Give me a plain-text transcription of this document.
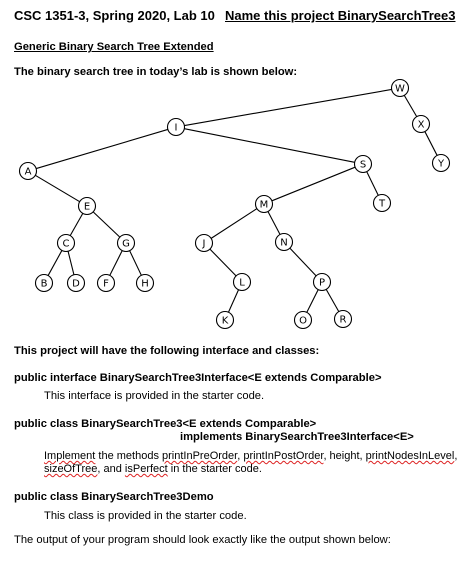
CSC 1351-3, Spring 2020, Lab 10 Name this project BinarySearchTree3
Generic Binary Search Tree Extended
The binary search tree in today’s lab is shown below:
W
I	X
Y
A
S
T
E	M
C	G	J	N
B D F	H	L	P
K	O	R
This project will have the following interface and classes:
public interface BinarySearchTree3Interface<E extends Comparable>
This interface is provided in the starter code.
public class BinarySearchTree3<E extends Comparable>
implements BinarySearchTree3Interface<E>
Implement the methods printInPreOrder, printInPostOrder, height, printNodesInLevel,
sizeOfTree, and isPerfect in the starter code.
public class BinarySearchTree3Demo
This class is provided in the starter code.
The output of your program should look exactly like the output shown below:
